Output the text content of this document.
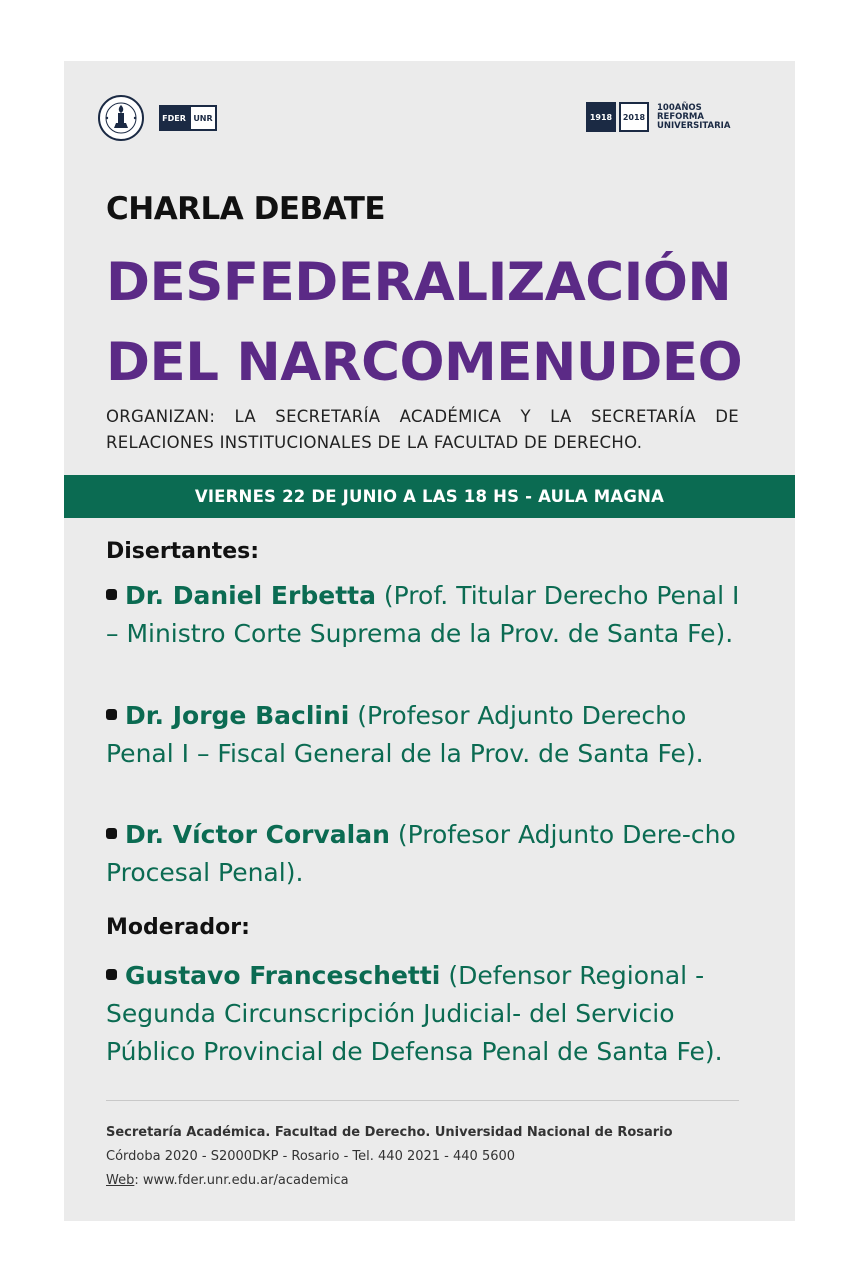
FDER UNR	1918	2018
100AÑOS
REFORMA
UNIVERSITARIA
CHARLA DEBATE
DESFEDERALIZACIÓN
DEL NARCOMENUDEO
ORGANIZAN: LA SECRETARÍA ACADÉMICA Y LA SECRETARÍA DE RELACIONES INSTITUCIONALES DE LA FACULTAD DE DERECHO.
VIERNES 22 DE JUNIO A LAS 18 HS - AULA MAGNA
Disertantes:
Dr. Daniel Erbetta (Prof. Titular Derecho Penal I – Ministro Corte Suprema de la Prov. de Santa Fe).
Dr. Jorge Baclini (Profesor Adjunto Derecho Penal I – Fiscal General de la Prov. de Santa Fe).
Dr. Víctor Corvalan (Profesor Adjunto Dere-cho Procesal Penal).
Moderador:
Gustavo Franceschetti (Defensor Regional -Segunda Circunscripción Judicial- del Servicio Público Provincial de Defensa Penal de Santa Fe).
Secretaría Académica. Facultad de Derecho. Universidad Nacional de Rosario
Córdoba 2020 - S2000DKP - Rosario - Tel. 440 2021 - 440 5600
Web: www.fder.unr.edu.ar/academica
